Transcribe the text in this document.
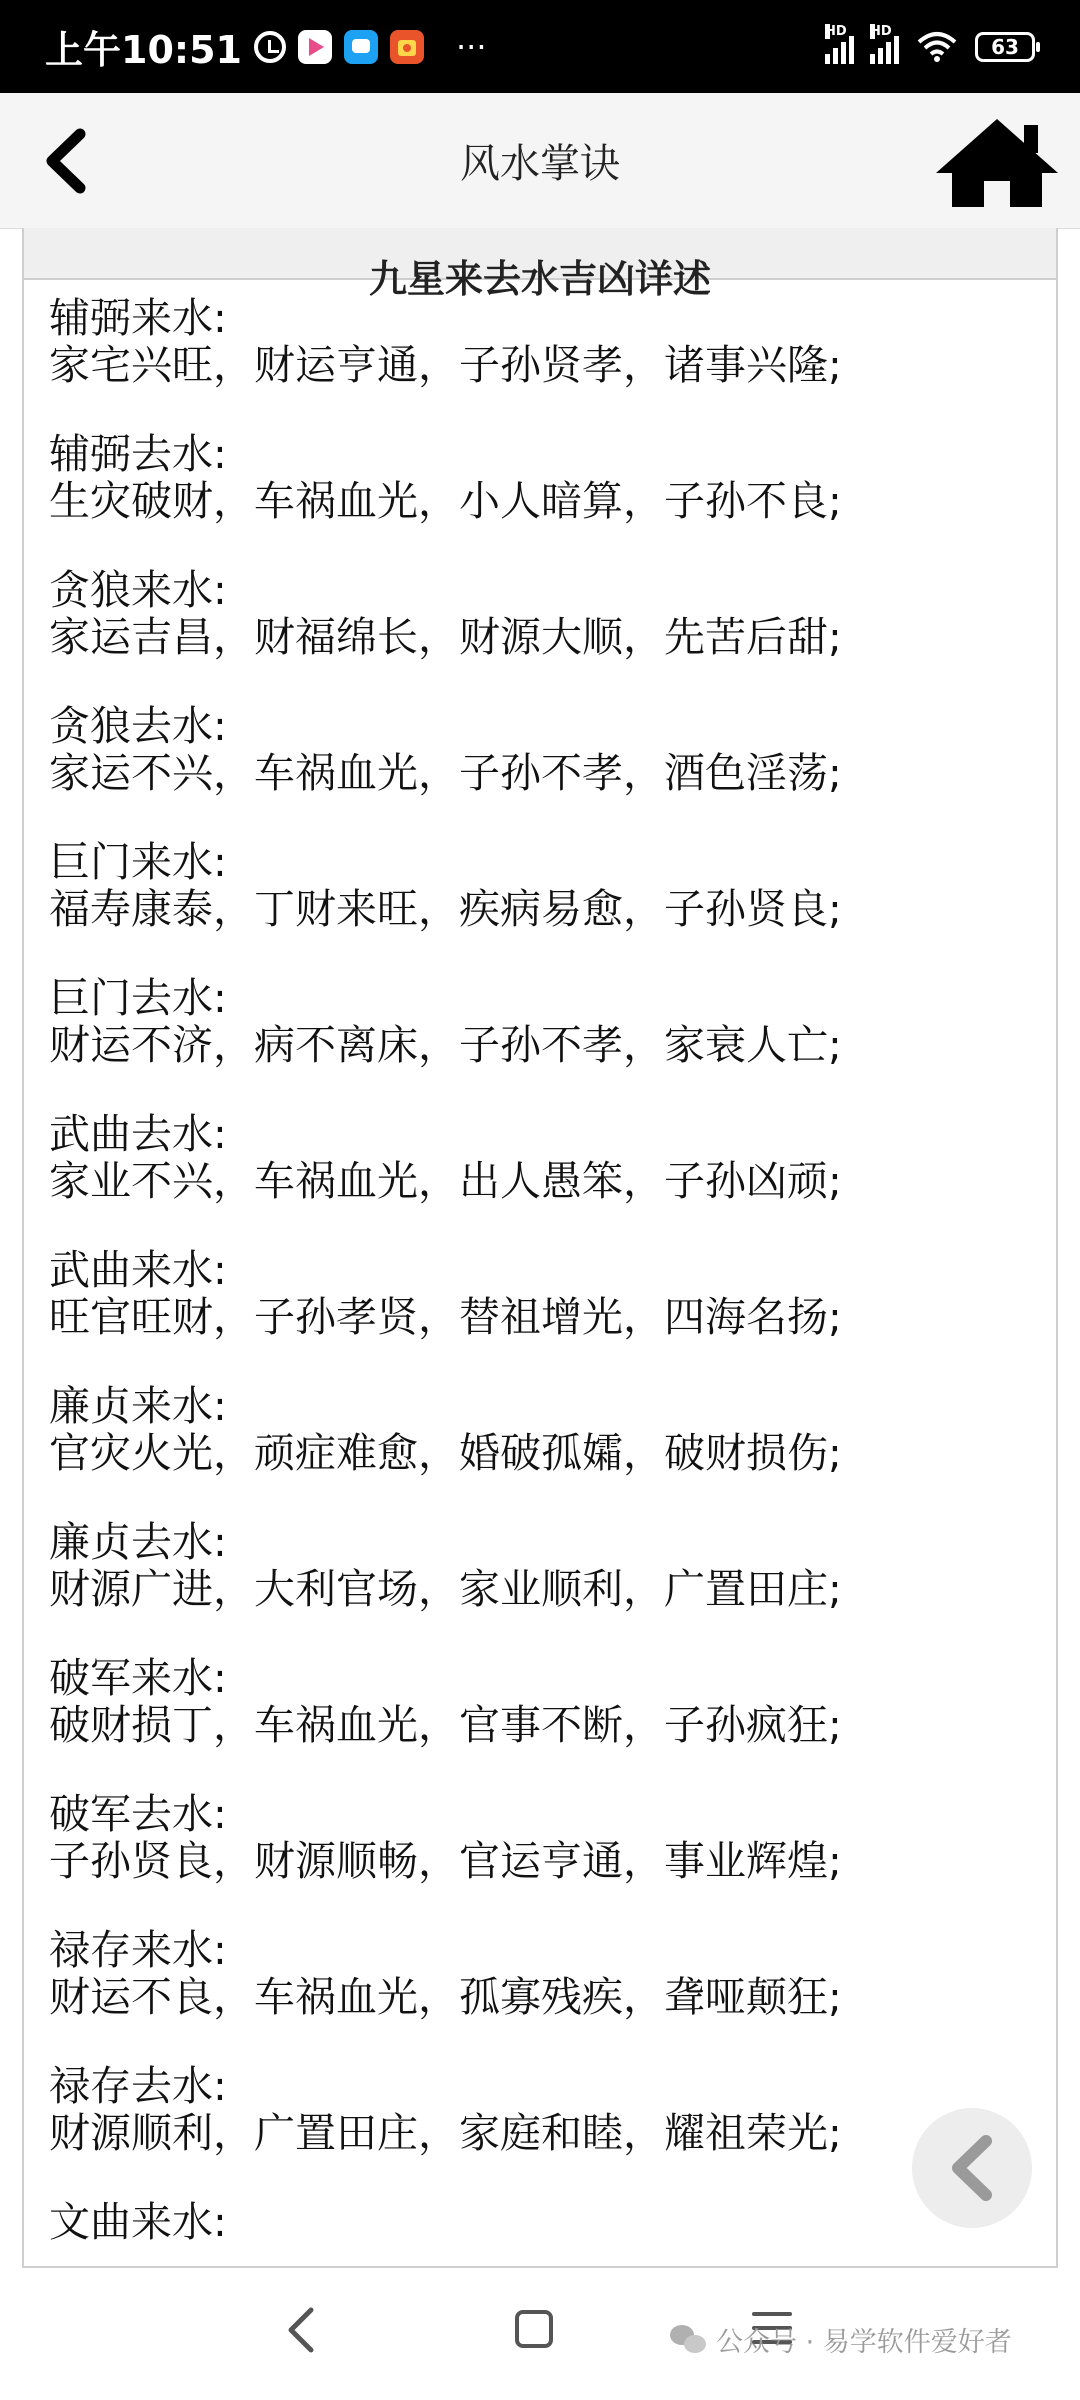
上午10:51	···	HD HD
63
风水掌诀
九星来去水吉凶详述
辅弼来水:
家宅兴旺，财运亨通，子孙贤孝，诸事兴隆;
辅弼去水:
生灾破财，车祸血光，小人暗算，子孙不良;
贪狼来水:
家运吉昌，财福绵长，财源大顺，先苦后甜;
贪狼去水:
家运不兴，车祸血光，子孙不孝，酒色淫荡;
巨门来水:
福寿康泰，丁财来旺，疾病易愈，子孙贤良;
巨门去水:
财运不济，病不离床，子孙不孝，家衰人亡;
武曲去水:
家业不兴，车祸血光，出人愚笨，子孙凶顽;
武曲来水:
旺官旺财，子孙孝贤，替祖增光，四海名扬;
廉贞来水:
官灾火光，顽症难愈，婚破孤孀，破财损伤;
廉贞去水:
财源广进，大利官场，家业顺利，广置田庄;
破军来水:
破财损丁，车祸血光，官事不断，子孙疯狂;
破军去水:
子孙贤良，财源顺畅，官运亨通，事业辉煌;
禄存来水:
财运不良，车祸血光，孤寡残疾，聋哑颠狂;
禄存去水:
财源顺利，广置田庄，家庭和睦，耀祖荣光;
文曲来水:
公众号 · 易学软件爱好者
